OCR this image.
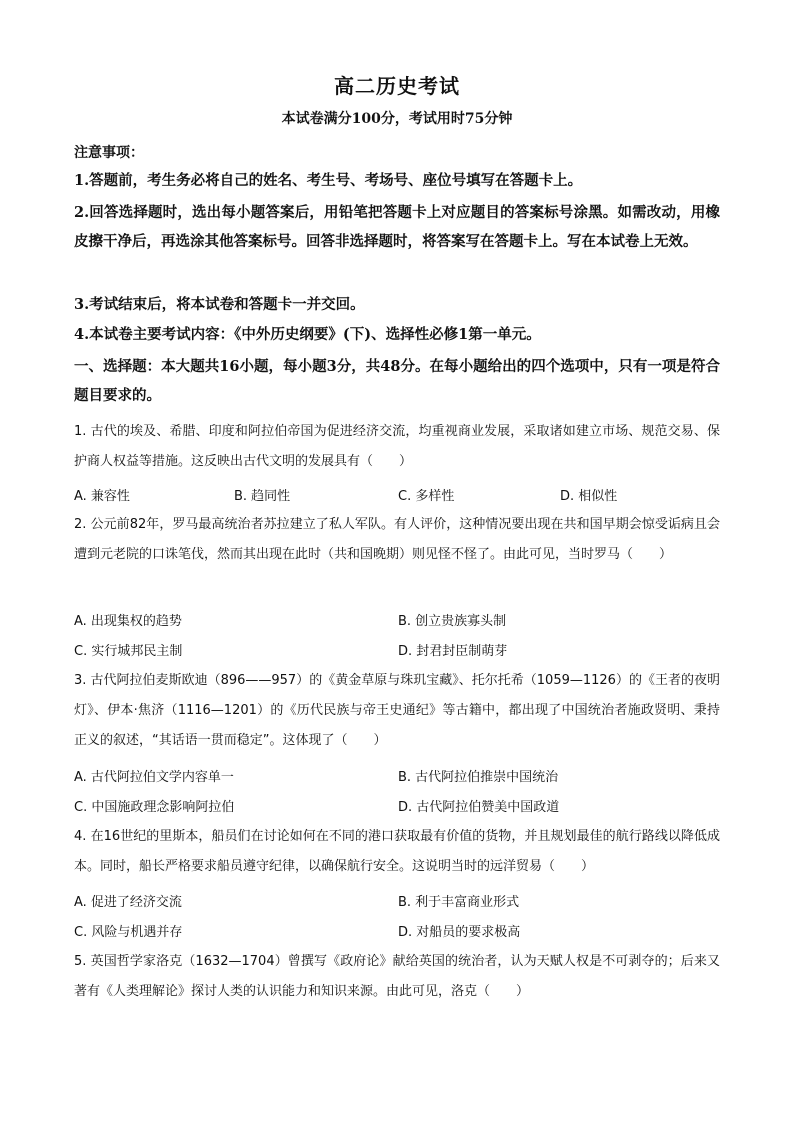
高二历史考试
本试卷满分100分，考试用时75分钟
注意事项：
1.答题前，考生务必将自己的姓名、考生号、考场号、座位号填写在答题卡上。
2.回答选择题时，选出每小题答案后，用铅笔把答题卡上对应题目的答案标号涂黑。如需改动，用橡皮擦干净后，再选涂其他答案标号。回答非选择题时，将答案写在答题卡上。写在本试卷上无效。
3.考试结束后，将本试卷和答题卡一并交回。
4.本试卷主要考试内容：《中外历史纲要》(下)、选择性必修1第一单元。
一、选择题：本大题共16小题，每小题3分，共48分。在每小题给出的四个选项中，只有一项是符合题目要求的。
1. 古代的埃及、希腊、印度和阿拉伯帝国为促进经济交流，均重视商业发展，采取诸如建立市场、规范交易、保护商人权益等措施。这反映出古代文明的发展具有（　　）
A. 兼容性	B. 趋同性	C. 多样性	D. 相似性
2. 公元前82年，罗马最高统治者苏拉建立了私人军队。有人评价，这种情况要出现在共和国早期会惊受诟病且会遭到元老院的口诛笔伐，然而其出现在此时（共和国晚期）则见怪不怪了。由此可见，当时罗马（　　）
A. 出现集权的趋势	B. 创立贵族寡头制
C. 实行城邦民主制	D. 封君封臣制萌芽
3. 古代阿拉伯麦斯欧迪（896——957）的《黄金草原与珠玑宝藏》、托尔托希（1059—1126）的《王者的夜明灯》、伊本·焦济（1116—1201）的《历代民族与帝王史通纪》等古籍中，都出现了中国统治者施政贤明、秉持正义的叙述，“其话语一贯而稳定”。这体现了（　　）
A. 古代阿拉伯文学内容单一	B. 古代阿拉伯推崇中国统治
C. 中国施政理念影响阿拉伯	D. 古代阿拉伯赞美中国政道
4. 在16世纪的里斯本，船员们在讨论如何在不同的港口获取最有价值的货物，并且规划最佳的航行路线以降低成本。同时，船长严格要求船员遵守纪律，以确保航行安全。这说明当时的远洋贸易（　　）
A. 促进了经济交流	B. 利于丰富商业形式
C. 风险与机遇并存	D. 对船员的要求极高
5. 英国哲学家洛克（1632—1704）曾撰写《政府论》献给英国的统治者，认为天赋人权是不可剥夺的；后来又著有《人类理解论》探讨人类的认识能力和知识来源。由此可见，洛克（　　）
